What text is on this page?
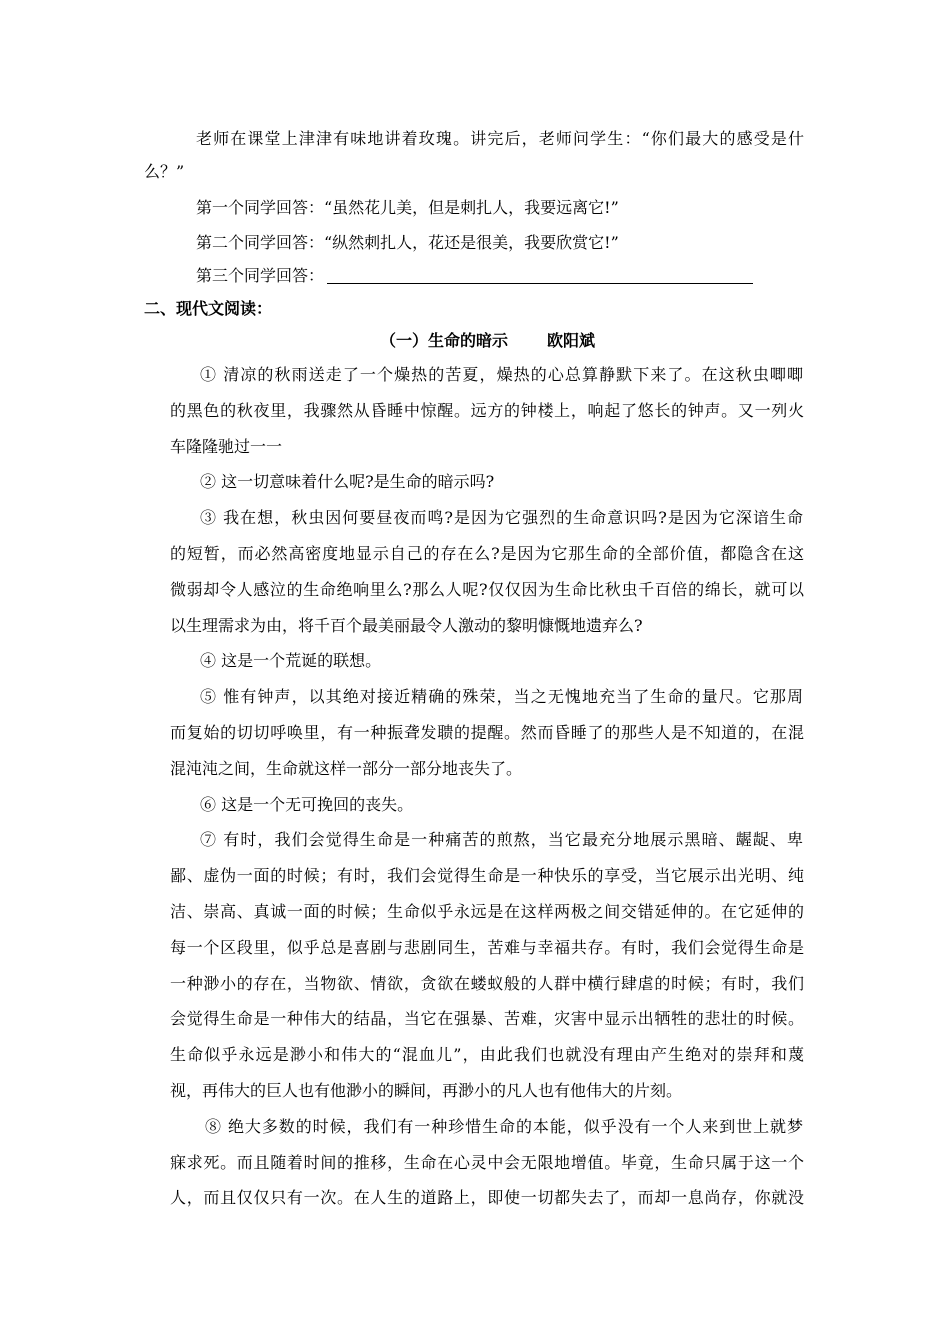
老师在课堂上津津有味地讲着玫瑰。讲完后，老师问学生：“你们最大的感受是什
么？”
第一个同学回答：“虽然花儿美，但是刺扎人，我要远离它!”
第二个同学回答：“纵然刺扎人，花还是很美，我要欣赏它!”
第三个同学回答：
二、现代文阅读：
（一）生命的暗示 欧阳斌
① 清凉的秋雨送走了一个燥热的苦夏，燥热的心总算静默下来了。在这秋虫唧唧
的黑色的秋夜里，我骤然从昏睡中惊醒。远方的钟楼上，响起了悠长的钟声。又一列火
车隆隆驰过一一
② 这一切意味着什么呢?是生命的暗示吗?
③ 我在想，秋虫因何要昼夜而鸣?是因为它强烈的生命意识吗?是因为它深谙生命
的短暂，而必然高密度地显示自己的存在么?是因为它那生命的全部价值，都隐含在这
微弱却令人感泣的生命绝响里么?那么人呢?仅仅因为生命比秋虫千百倍的绵长，就可以
以生理需求为由，将千百个最美丽最令人激动的黎明慷慨地遗弃么?
④ 这是一个荒诞的联想。
⑤ 惟有钟声，以其绝对接近精确的殊荣，当之无愧地充当了生命的量尺。它那周
而复始的切切呼唤里，有一种振聋发聩的提醒。然而昏睡了的那些人是不知道的，在混
混沌沌之间，生命就这样一部分一部分地丧失了。
⑥ 这是一个无可挽回的丧失。
⑦ 有时，我们会觉得生命是一种痛苦的煎熬，当它最充分地展示黑暗、龌龊、卑
鄙、虚伪一面的时候；有时，我们会觉得生命是一种快乐的享受，当它展示出光明、纯
洁、崇高、真诚一面的时候；生命似乎永远是在这样两极之间交错延伸的。在它延伸的
每一个区段里，似乎总是喜剧与悲剧同生，苦难与幸福共存。有时，我们会觉得生命是
一种渺小的存在，当物欲、情欲，贪欲在蝼蚁般的人群中横行肆虐的时候；有时，我们
会觉得生命是一种伟大的结晶，当它在强暴、苦难，灾害中显示出牺牲的悲壮的时候。
生命似乎永远是渺小和伟大的“混血儿”，由此我们也就没有理由产生绝对的崇拜和蔑
视，再伟大的巨人也有他渺小的瞬间，再渺小的凡人也有他伟大的片刻。
⑧ 绝大多数的时候，我们有一种珍惜生命的本能，似乎没有一个人来到世上就梦
寐求死。而且随着时间的推移，生命在心灵中会无限地增值。毕竟，生命只属于这一个
人，而且仅仅只有一次。在人生的道路上，即使一切都失去了，而却一息尚存，你就没
